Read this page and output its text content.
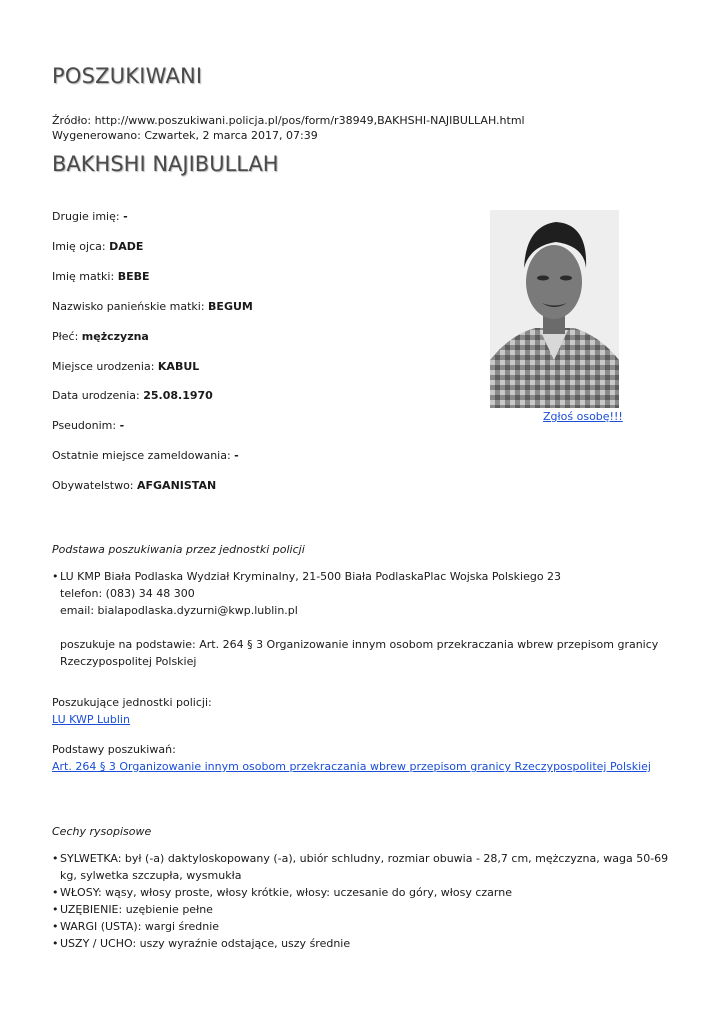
POSZUKIWANI
Źródło: http://www.poszukiwani.policja.pl/pos/form/r38949,BAKHSHI-NAJIBULLAH.html
Wygenerowano: Czwartek, 2 marca 2017, 07:39
BAKHSHI NAJIBULLAH
Drugie imię: -
Imię ojca: DADE
Imię matki: BEBE
Nazwisko panieńskie matki: BEGUM
Płeć: mężczyzna
Miejsce urodzenia: KABUL
Data urodzenia: 25.08.1970
Pseudonim: -
Ostatnie miejsce zameldowania: -
Obywatelstwo: AFGANISTAN
Zgłoś osobę!!!
Podstawa poszukiwania przez jednostki policji
• LU KMP Biała Podlaska Wydział Kryminalny, 21-500 Biała PodlaskaPlac Wojska Polskiego 23
telefon: (083) 34 48 300
email: bialapodlaska.dyzurni@kwp.lublin.pl
poszukuje na podstawie: Art. 264 § 3 Organizowanie innym osobom przekraczania wbrew przepisom granicy
Rzeczypospolitej Polskiej
Poszukujące jednostki policji:
LU KWP Lublin
Podstawy poszukiwań:
Art. 264 § 3 Organizowanie innym osobom przekraczania wbrew przepisom granicy Rzeczypospolitej Polskiej
Cechy rysopisowe
• SYLWETKA: był (-a) daktyloskopowany (-a), ubiór schludny, rozmiar obuwia - 28,7 cm, mężczyzna, waga 50-69 kg, sylwetka szczupła, wysmukła
• WŁOSY: wąsy, włosy proste, włosy krótkie, włosy: uczesanie do góry, włosy czarne
• UZĘBIENIE: uzębienie pełne
• WARGI (USTA): wargi średnie
• USZY / UCHO: uszy wyraźnie odstające, uszy średnie
